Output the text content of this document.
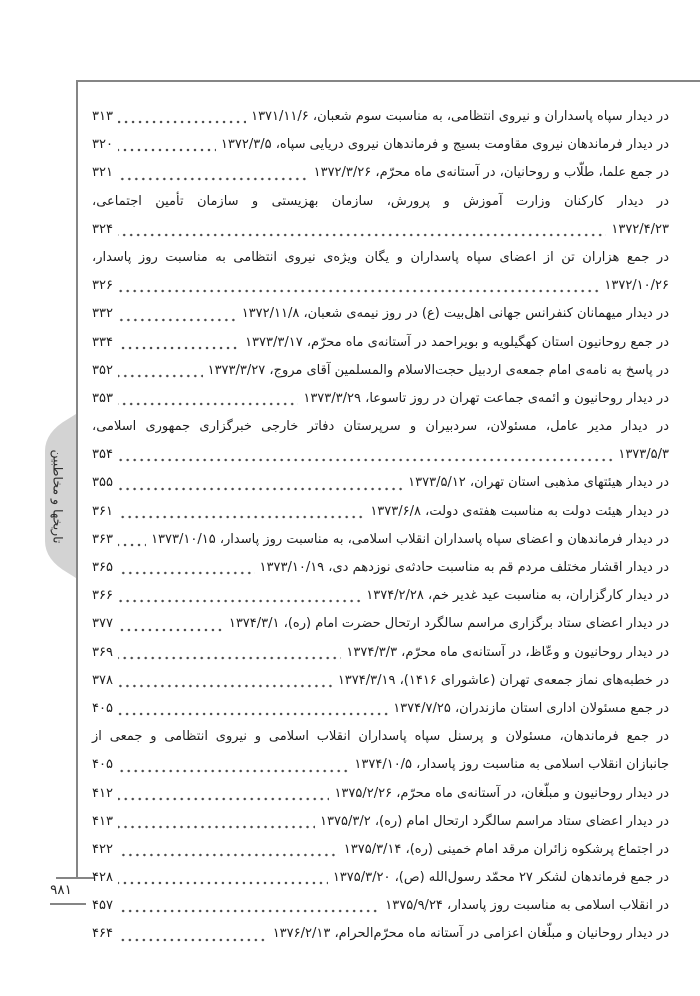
تاریخها و مخاطبین
در دیدار سپاه پاسداران و نیروی انتظامی، به مناسبت سوم شعبان، ۱۳۷۱/۱۱/۶
۳۱۳
در دیدار فرماندهان نیروی مقاومت بسیج و فرماندهان نیروی دریایی سپاه، ۱۳۷۲/۳/۵
۳۲۰
در جمع علما، طلّاب و روحانیان، در آستانه‌ی ماه محرّم، ۱۳۷۲/۳/۲۶
۳۲۱
در دیدار کارکنان وزارت آموزش و پرورش، سازمان بهزیستی و سازمان تأمین اجتماعی،
۱۳۷۲/۴/۲۳
۳۲۴
در جمع هزاران تن از اعضای سپاه پاسداران و یگان ویژه‌ی نیروی انتظامی به مناسبت روز پاسدار،
۱۳۷۲/۱۰/۲۶
۳۲۶
در دیدار میهمانان کنفرانس جهانی اهل‌بیت (ع) در روز نیمه‌ی شعبان، ۱۳۷۲/۱۱/۸
۳۳۲
در جمع روحانیون استان کهگیلویه و بویراحمد در آستانه‌ی ماه محرّم، ۱۳۷۳/۳/۱۷
۳۳۴
در پاسخ به نامه‌ی امام جمعه‌ی اردبیل حجت‌الاسلام والمسلمین آقای مروج، ۱۳۷۳/۳/۲۷
۳۵۲
در دیدار روحانیون و ائمه‌ی جماعت تهران در روز تاسوعا، ۱۳۷۳/۳/۲۹
۳۵۳
در دیدار مدیر عامل، مسئولان، سردبیران و سرپرستان دفاتر خارجی خبرگزاری جمهوری اسلامی،
۱۳۷۳/۵/۳
۳۵۴
در دیدار هیئتهای مذهبی استان تهران، ۱۳۷۳/۵/۱۲
۳۵۵
در دیدار هیئت دولت به مناسبت هفته‌ی دولت، ۱۳۷۳/۶/۸
۳۶۱
در دیدار فرماندهان و اعضای سپاه پاسداران انقلاب اسلامی، به مناسبت روز پاسدار، ۱۳۷۳/۱۰/۱۵
۳۶۳
در دیدار اقشار مختلف مردم قم به مناسبت حادثه‌ی نوزدهم دی، ۱۳۷۳/۱۰/۱۹
۳۶۵
در دیدار کارگزاران، به مناسبت عید غدیر خم، ۱۳۷۴/۲/۲۸
۳۶۶
در دیدار اعضای ستاد برگزاری مراسم سالگرد ارتحال حضرت امام (ره)، ۱۳۷۴/۳/۱
۳۷۷
در دیدار روحانیون و وعّاظ، در آستانه‌ی ماه محرّم، ۱۳۷۴/۳/۳
۳۶۹
در خطبه‌های نماز جمعه‌ی تهران (عاشورای ۱۴۱۶)، ۱۳۷۴/۳/۱۹
۳۷۸
در جمع مسئولان اداری استان مازندران، ۱۳۷۴/۷/۲۵
۴۰۵
در جمع فرماندهان، مسئولان و پرسنل سپاه پاسداران انقلاب اسلامی و نیروی انتظامی و جمعی از
جانبازان انقلاب اسلامی به مناسبت روز پاسدار، ۱۳۷۴/۱۰/۵
۴۰۵
در دیدار روحانیون و مبلّغان، در آستانه‌ی ماه محرّم، ۱۳۷۵/۲/۲۶
۴۱۲
در دیدار اعضای ستاد مراسم سالگرد ارتحال امام (ره)، ۱۳۷۵/۳/۲
۴۱۳
در اجتماع پرشکوه زائران مرقد امام خمینی (ره)، ۱۳۷۵/۳/۱۴
۴۲۲
در جمع فرماندهان لشکر ۲۷ محمّد رسول‌الله (ص)، ۱۳۷۵/۳/۲۰
۴۲۸
در انقلاب اسلامی به مناسبت روز پاسدار، ۱۳۷۵/۹/۲۴
۴۵۷
در دیدار روحانیان و مبلّغان اعزامی در آستانه ماه محرّم‌الحرام، ۱۳۷۶/۲/۱۳
۴۶۴
۹۸۱
